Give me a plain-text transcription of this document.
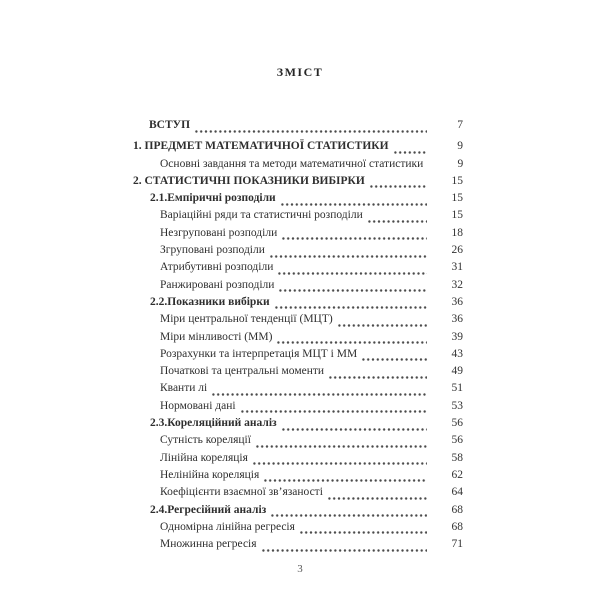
ЗМІСТ
ВСТУП	7
1. ПРЕДМЕТ МАТЕМАТИЧНОЇ СТАТИСТИКИ	9
Основні завдання та методи математичної статистики	9
2. СТАТИСТИЧНІ ПОКАЗНИКИ ВИБІРКИ	15
2.1.Емпіричні розподіли	15
Варіаційні ряди та статистичні розподіли	15
Незгруповані розподіли	18
Згруповані розподіли	26
Атрибутивні розподіли	31
Ранжировані розподіли	32
2.2.Показники вибірки	36
Міри центральної тенденції (МЦТ)	36
Міри мінливості (ММ)	39
Розрахунки та інтерпретація МЦТ і ММ	43
Початкові та центральні моменти	49
Кванти лі	51
Нормовані дані	53
2.3.Кореляційний аналіз	56
Сутність кореляції	56
Лінійна кореляція	58
Нелінійна кореляція	62
Коефіцієнти взаємної зв’язаності	64
2.4.Регресійний аналіз	68
Одномірна лінійна регресія	68
Множинна регресія	71
3
